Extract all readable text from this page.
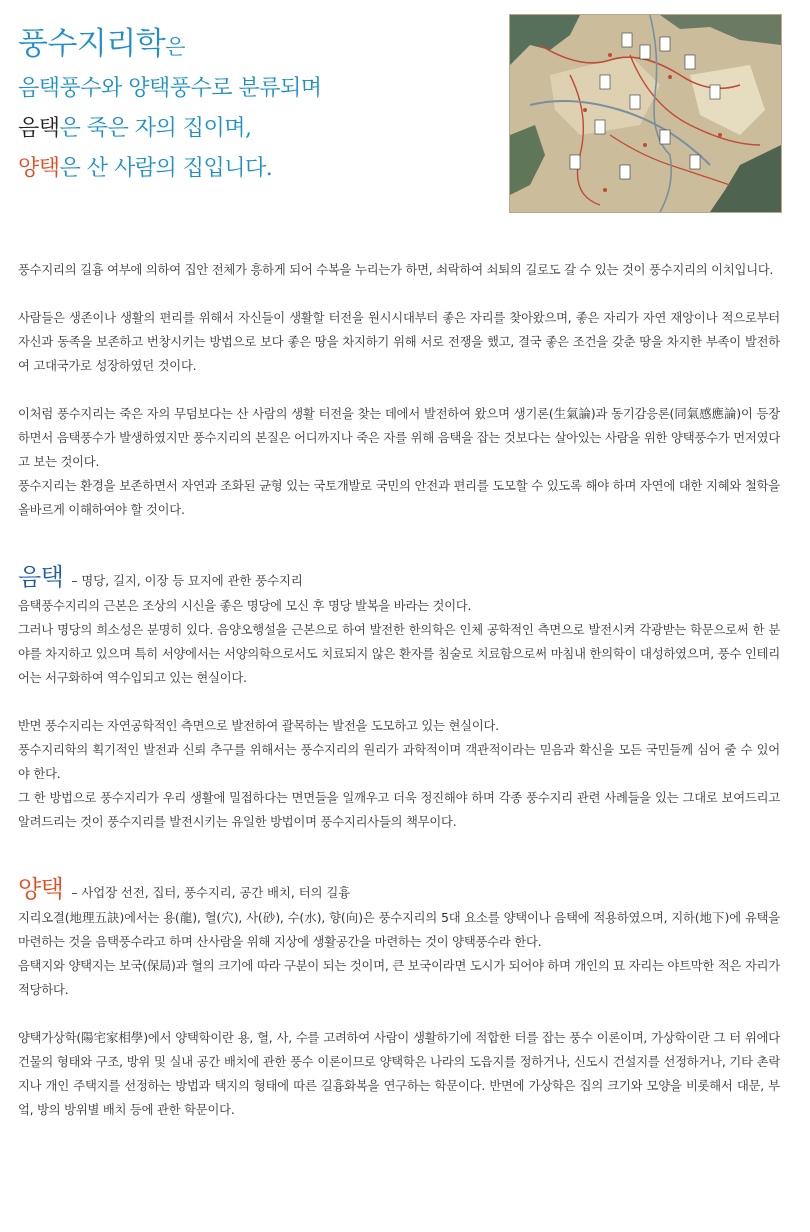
풍수지리학은
음택풍수와 양택풍수로 분류되며
음택은 죽은 자의 집이며,
양택은 산 사람의 집입니다.

풍수지리의 길흉 여부에 의하여 집안 전체가 흥하게 되어 수복을 누리는가 하면, 쇠락하여 쇠퇴의 길로도 갈 수 있는 것이 풍수지리의 이치입니다.

사람들은 생존이나 생활의 편리를 위해서 자신들이 생활할 터전을 원시시대부터 좋은 자리를 찾아왔으며, 좋은 자리가 자연 재앙이나 적으로부터 자신과 동족을 보존하고 번창시키는 방법으로 보다 좋은 땅을 차지하기 위해 서로 전쟁을 했고, 결국 좋은 조건을 갖춘 땅을 차지한 부족이 발전하여 고대국가로 성장하였던 것이다.

이처럼 풍수지리는 죽은 자의 무덤보다는 산 사람의 생활 터전을 찾는 데에서 발전하여 왔으며 생기론(生氣論)과 동기감응론(同氣感應論)이 등장하면서 음택풍수가 발생하였지만 풍수지리의 본질은 어디까지나 죽은 자를 위해 음택을 잡는 것보다는 살아있는 사람을 위한 양택풍수가 먼저였다고 보는 것이다.

풍수지리는 환경을 보존하면서 자연과 조화된 균형 있는 국토개발로 국민의 안전과 편리를 도모할 수 있도록 해야 하며 자연에 대한 지혜와 철학을 올바르게 이해하여야 할 것이다.

음택 – 명당, 길지, 이장 등 묘지에 관한 풍수지리

음택풍수지리의 근본은 조상의 시신을 좋은 명당에 모신 후 명당 발복을 바라는 것이다.

그러나 명당의 희소성은 분명히 있다. 음양오행설을 근본으로 하여 발전한 한의학은 인체 공학적인 측면으로 발전시켜 각광받는 학문으로써 한 분야를 차지하고 있으며 특히 서양에서는 서양의학으로서도 치료되지 않은 환자를 침술로 치료함으로써 마침내 한의학이 대성하였으며, 풍수 인테리어는 서구화하여 역수입되고 있는 현실이다.

반면 풍수지리는 자연공학적인 측면으로 발전하여 괄목하는 발전을 도모하고 있는 현실이다.

풍수지리학의 획기적인 발전과 신뢰 추구를 위해서는 풍수지리의 원리가 과학적이며 객관적이라는 믿음과 확신을 모든 국민들께 심어 줄 수 있어야 한다.

그 한 방법으로 풍수지리가 우리 생활에 밀접하다는 면면들을 일깨우고 더욱 정진해야 하며 각종 풍수지리 관련 사례들을 있는 그대로 보여드리고 알려드리는 것이 풍수지리를 발전시키는 유일한 방법이며 풍수지리사들의 책무이다.

양택 – 사업장 선전, 집터, 풍수지리, 공간 배치, 터의 길흉

지리오결(地理五訣)에서는 용(龍), 혈(穴), 사(砂), 수(水), 향(向)은 풍수지리의 5대 요소를 양택이나 음택에 적용하였으며, 지하(地下)에 유택을 마련하는 것을 음택풍수라고 하며 산사람을 위해 지상에 생활공간을 마련하는 것이 양택풍수라 한다.

음택지와 양택지는 보국(保局)과 혈의 크기에 따라 구분이 되는 것이며, 큰 보국이라면 도시가 되어야 하며 개인의 묘 자리는 야트막한 적은 자리가 적당하다.

양택가상학(陽宅家相學)에서 양택학이란 용, 혈, 사, 수를 고려하여 사람이 생활하기에 적합한 터를 잡는 풍수 이론이며, 가상학이란 그 터 위에다 건물의 형태와 구조, 방위 및 실내 공간 배치에 관한 풍수 이론이므로 양택학은 나라의 도읍지를 정하거나, 신도시 건설지를 선정하거나, 기타 촌락지나 개인 주택지를 선정하는 방법과 택지의 형태에 따른 길흉화복을 연구하는 학문이다. 반면에 가상학은 집의 크기와 모양을 비롯해서 대문, 부엌, 방의 방위별 배치 등에 관한 학문이다.
